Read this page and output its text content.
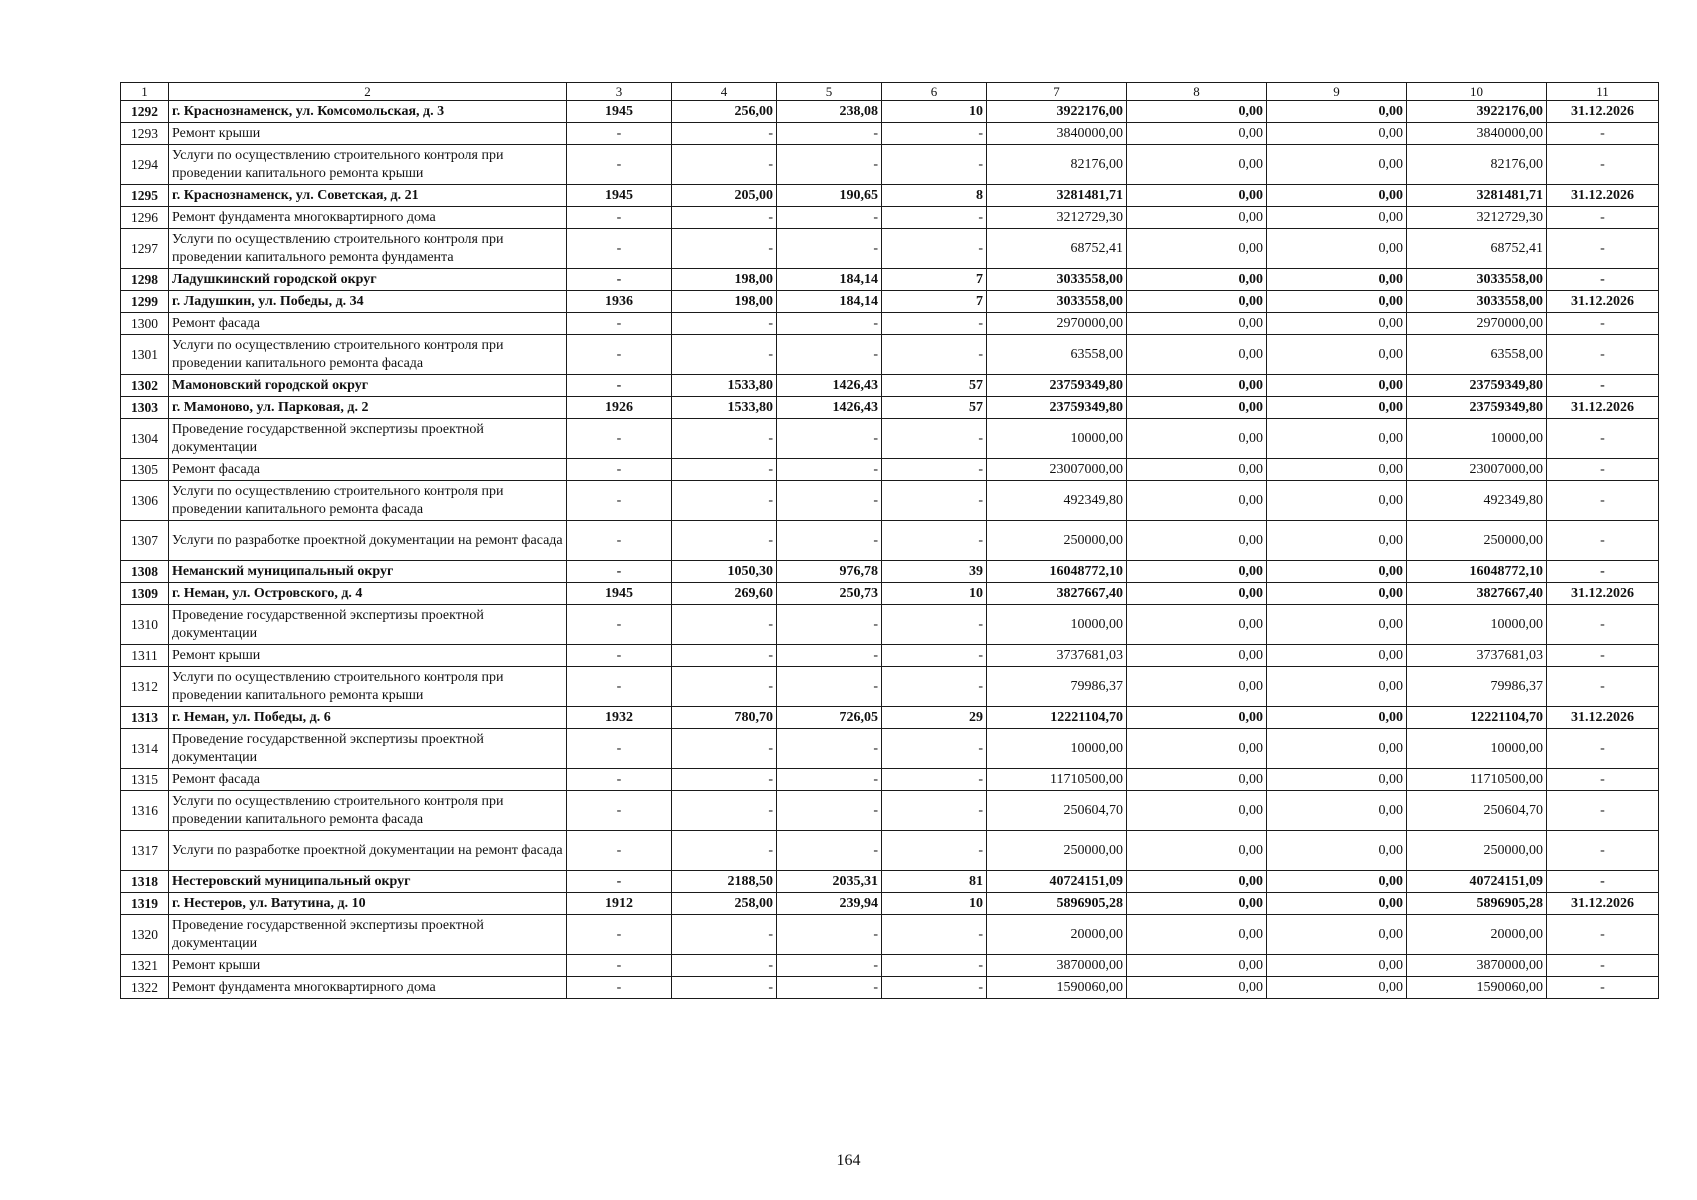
1	2	3	4	5	6	7	8	9	10	11
1292	г. Краснознаменск, ул. Комсомольская, д. 3	1945	256,00	238,08	10	3922176,00	0,00	0,00	3922176,00	31.12.2026
1293	Ремонт крыши	-	-	-	-	3840000,00	0,00	0,00	3840000,00	-
1294	Услуги по осуществлению строительного контроля при проведении капитального ремонта крыши	-	-	-	-	82176,00	0,00	0,00	82176,00	-
1295	г. Краснознаменск, ул. Советская, д. 21	1945	205,00	190,65	8	3281481,71	0,00	0,00	3281481,71	31.12.2026
1296	Ремонт фундамента многоквартирного дома	-	-	-	-	3212729,30	0,00	0,00	3212729,30	-
1297	Услуги по осуществлению строительного контроля при проведении капитального ремонта фундамента	-	-	-	-	68752,41	0,00	0,00	68752,41	-
1298	Ладушкинский городской округ	-	198,00	184,14	7	3033558,00	0,00	0,00	3033558,00	-
1299	г. Ладушкин, ул. Победы, д. 34	1936	198,00	184,14	7	3033558,00	0,00	0,00	3033558,00	31.12.2026
1300	Ремонт фасада	-	-	-	-	2970000,00	0,00	0,00	2970000,00	-
1301	Услуги по осуществлению строительного контроля при проведении капитального ремонта фасада	-	-	-	-	63558,00	0,00	0,00	63558,00	-
1302	Мамоновский городской округ	-	1533,80	1426,43	57	23759349,80	0,00	0,00	23759349,80	-
1303	г. Мамоново, ул. Парковая, д. 2	1926	1533,80	1426,43	57	23759349,80	0,00	0,00	23759349,80	31.12.2026
1304	Проведение государственной экспертизы проектной документации	-	-	-	-	10000,00	0,00	0,00	10000,00	-
1305	Ремонт фасада	-	-	-	-	23007000,00	0,00	0,00	23007000,00	-
1306	Услуги по осуществлению строительного контроля при проведении капитального ремонта фасада	-	-	-	-	492349,80	0,00	0,00	492349,80	-
1307	Услуги по разработке проектной документации на ремонт фасада	-	-	-	-	250000,00	0,00	0,00	250000,00	-
1308	Неманский муниципальный округ	-	1050,30	976,78	39	16048772,10	0,00	0,00	16048772,10	-
1309	г. Неман, ул. Островского, д. 4	1945	269,60	250,73	10	3827667,40	0,00	0,00	3827667,40	31.12.2026
1310	Проведение государственной экспертизы проектной документации	-	-	-	-	10000,00	0,00	0,00	10000,00	-
1311	Ремонт крыши	-	-	-	-	3737681,03	0,00	0,00	3737681,03	-
1312	Услуги по осуществлению строительного контроля при проведении капитального ремонта крыши	-	-	-	-	79986,37	0,00	0,00	79986,37	-
1313	г. Неман, ул. Победы, д. 6	1932	780,70	726,05	29	12221104,70	0,00	0,00	12221104,70	31.12.2026
1314	Проведение государственной экспертизы проектной документации	-	-	-	-	10000,00	0,00	0,00	10000,00	-
1315	Ремонт фасада	-	-	-	-	11710500,00	0,00	0,00	11710500,00	-
1316	Услуги по осуществлению строительного контроля при проведении капитального ремонта фасада	-	-	-	-	250604,70	0,00	0,00	250604,70	-
1317	Услуги по разработке проектной документации на ремонт фасада	-	-	-	-	250000,00	0,00	0,00	250000,00	-
1318	Нестеровский муниципальный округ	-	2188,50	2035,31	81	40724151,09	0,00	0,00	40724151,09	-
1319	г. Нестеров, ул. Ватутина, д. 10	1912	258,00	239,94	10	5896905,28	0,00	0,00	5896905,28	31.12.2026
1320	Проведение государственной экспертизы проектной документации	-	-	-	-	20000,00	0,00	0,00	20000,00	-
1321	Ремонт крыши	-	-	-	-	3870000,00	0,00	0,00	3870000,00	-
1322	Ремонт фундамента многоквартирного дома	-	-	-	-	1590060,00	0,00	0,00	1590060,00	-
164
